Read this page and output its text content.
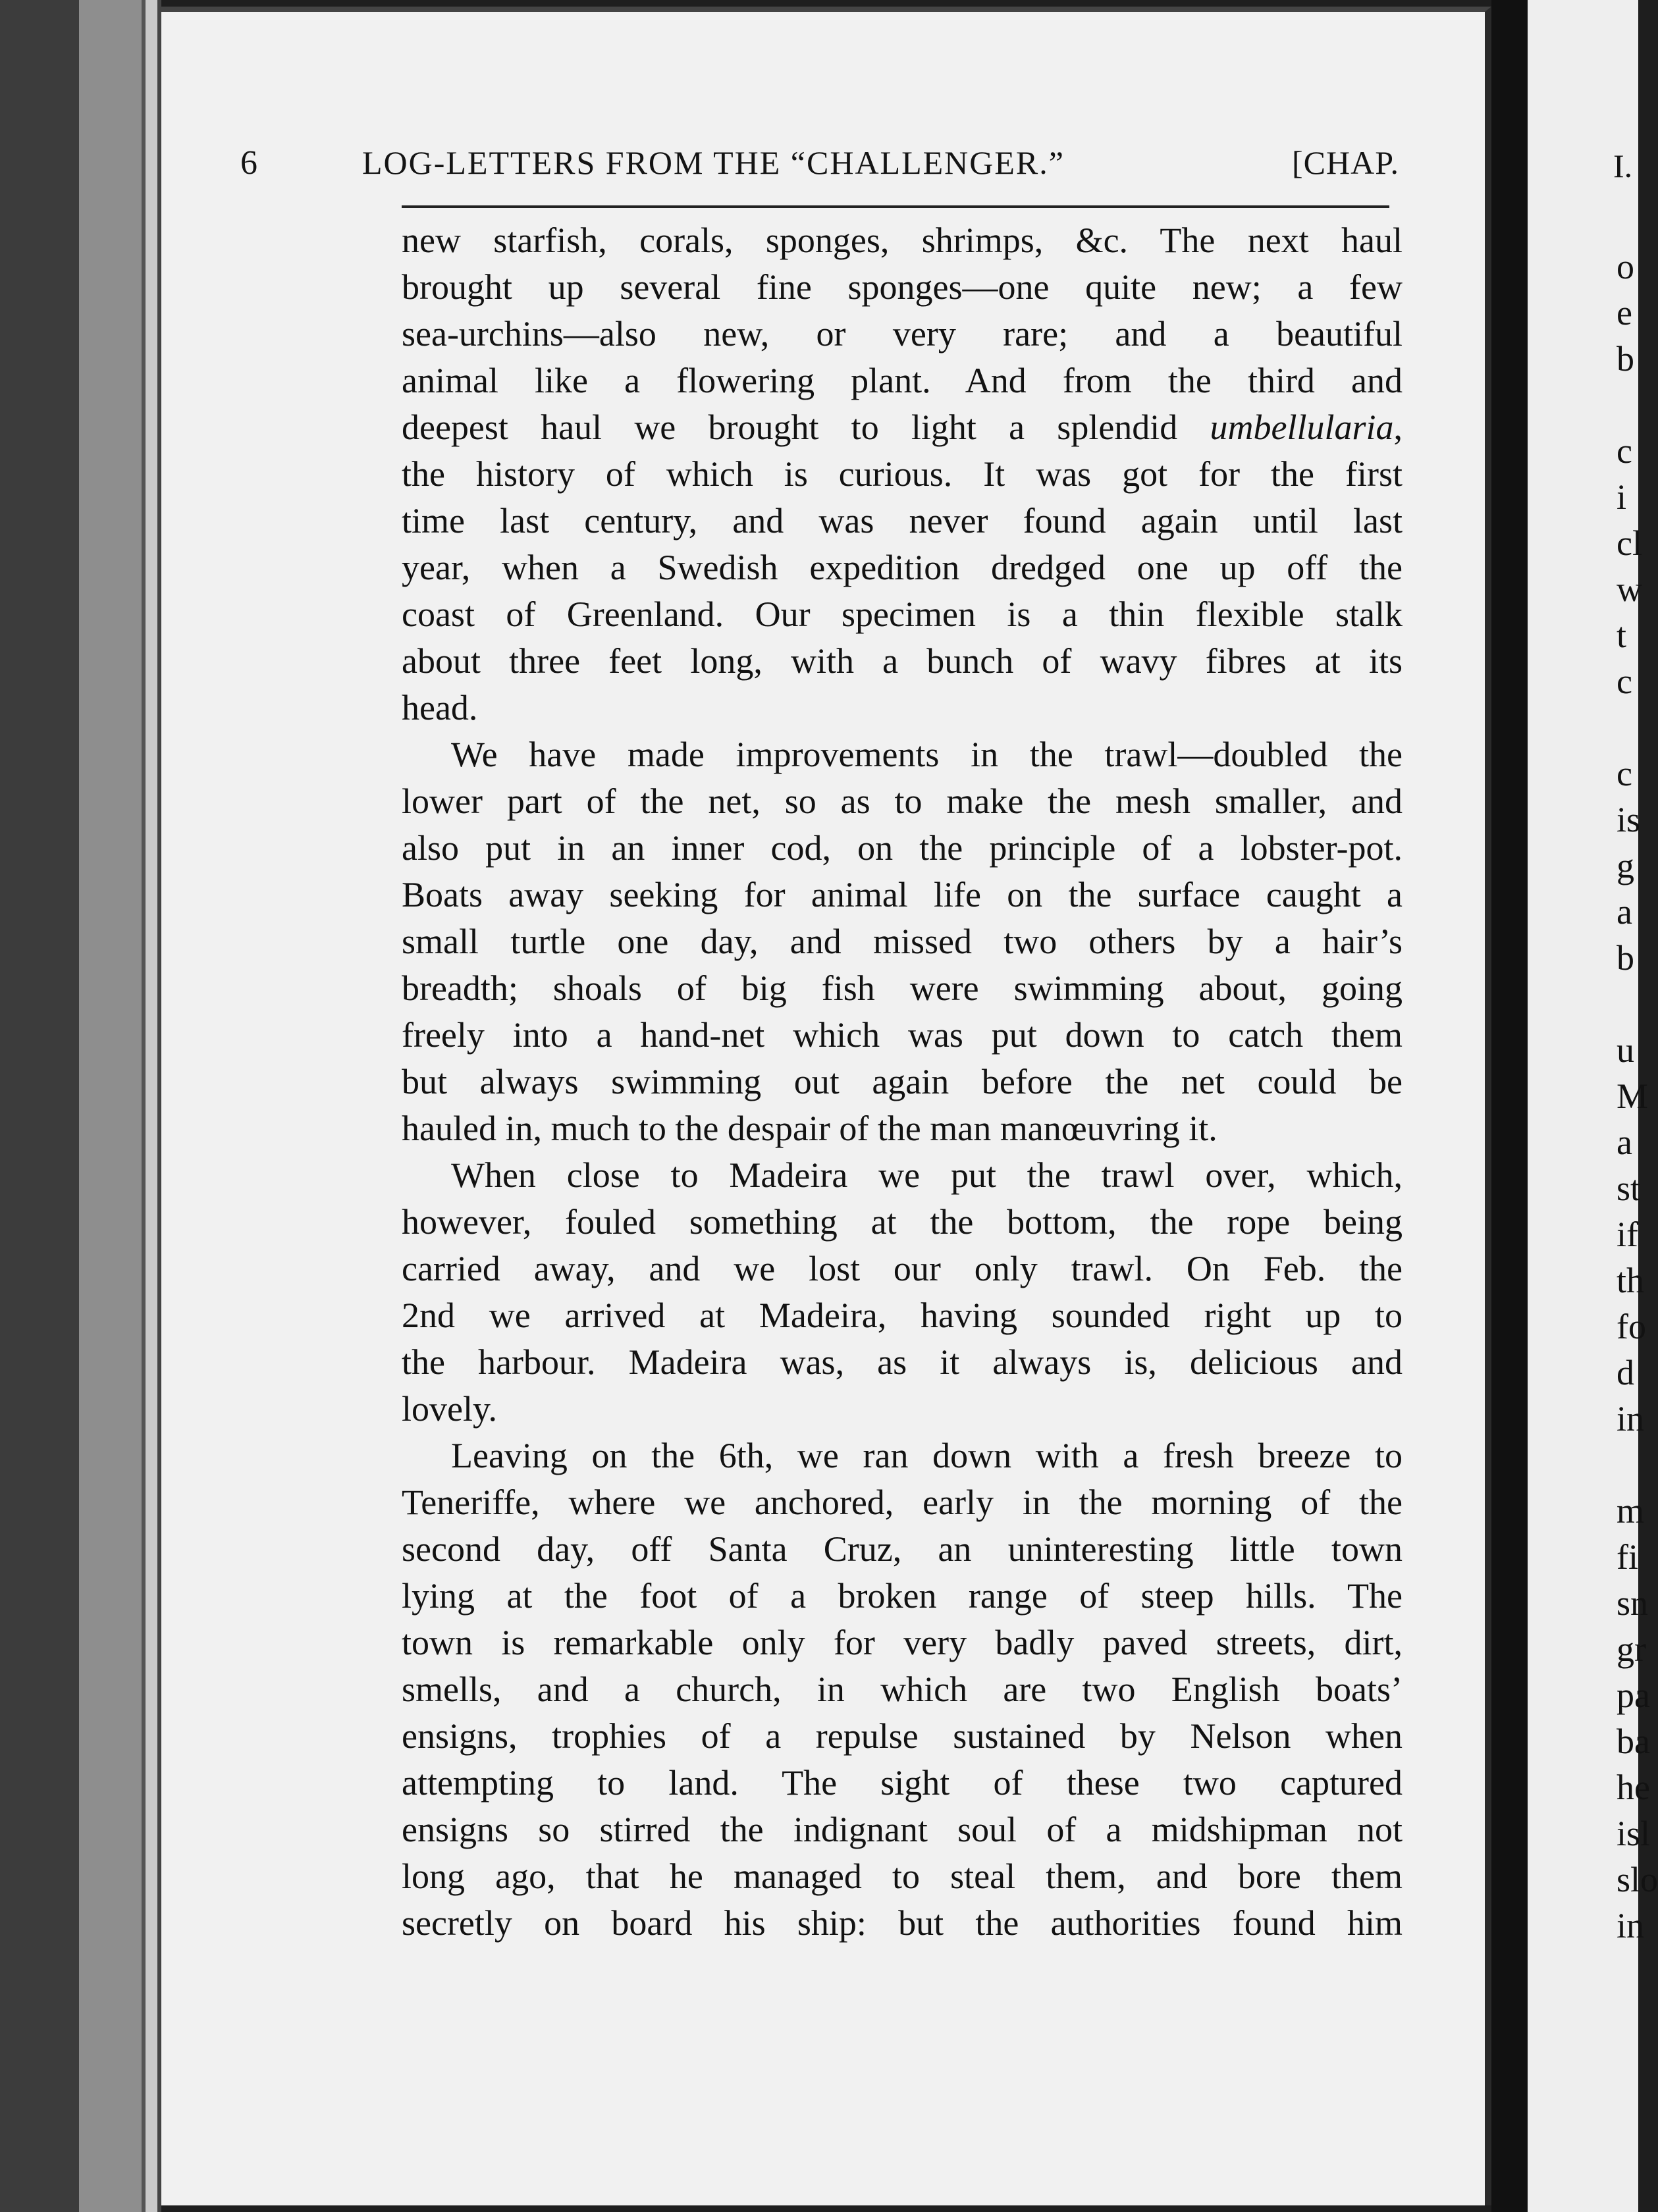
6	LOG-LETTERS FROM THE “CHALLENGER.”	[CHAP.
new starfish, corals, sponges, shrimps, &c. The next haul
brought up several fine sponges—one quite new; a few
sea-urchins—also new, or very rare; and a beautiful
animal like a flowering plant. And from the third and
deepest haul we brought to light a splendid umbellularia,
the history of which is curious. It was got for the first
time last century, and was never found again until last
year, when a Swedish expedition dredged one up off the
coast of Greenland. Our specimen is a thin flexible stalk
about three feet long, with a bunch of wavy fibres at its
head.
We have made improvements in the trawl—doubled the
lower part of the net, so as to make the mesh smaller, and
also put in an inner cod, on the principle of a lobster-pot.
Boats away seeking for animal life on the surface caught a
small turtle one day, and missed two others by a hair’s
breadth; shoals of big fish were swimming about, going
freely into a hand-net which was put down to catch them
but always swimming out again before the net could be
hauled in, much to the despair of the man manœuvring it.
When close to Madeira we put the trawl over, which,
however, fouled something at the bottom, the rope being
carried away, and we lost our only trawl. On Feb. the
2nd we arrived at Madeira, having sounded right up to
the harbour. Madeira was, as it always is, delicious and
lovely.
Leaving on the 6th, we ran down with a fresh breeze to
Teneriffe, where we anchored, early in the morning of the
second day, off Santa Cruz, an uninteresting little town
lying at the foot of a broken range of steep hills. The
town is remarkable only for very badly paved streets, dirt,
smells, and a church, in which are two English boats’
ensigns, trophies of a repulse sustained by Nelson when
attempting to land. The sight of these two captured
ensigns so stirred the indignant soul of a midshipman not
long ago, that he managed to steal them, and bore them
secretly on board his ship: but the authorities found him
I.
o
e
b
c
i
cl
w
t
c
c
is
g
a
b
u
M
a
st
if
th
fo
d
in
m
fi
sn
gr
pa
ba
he
isl
slo
in
